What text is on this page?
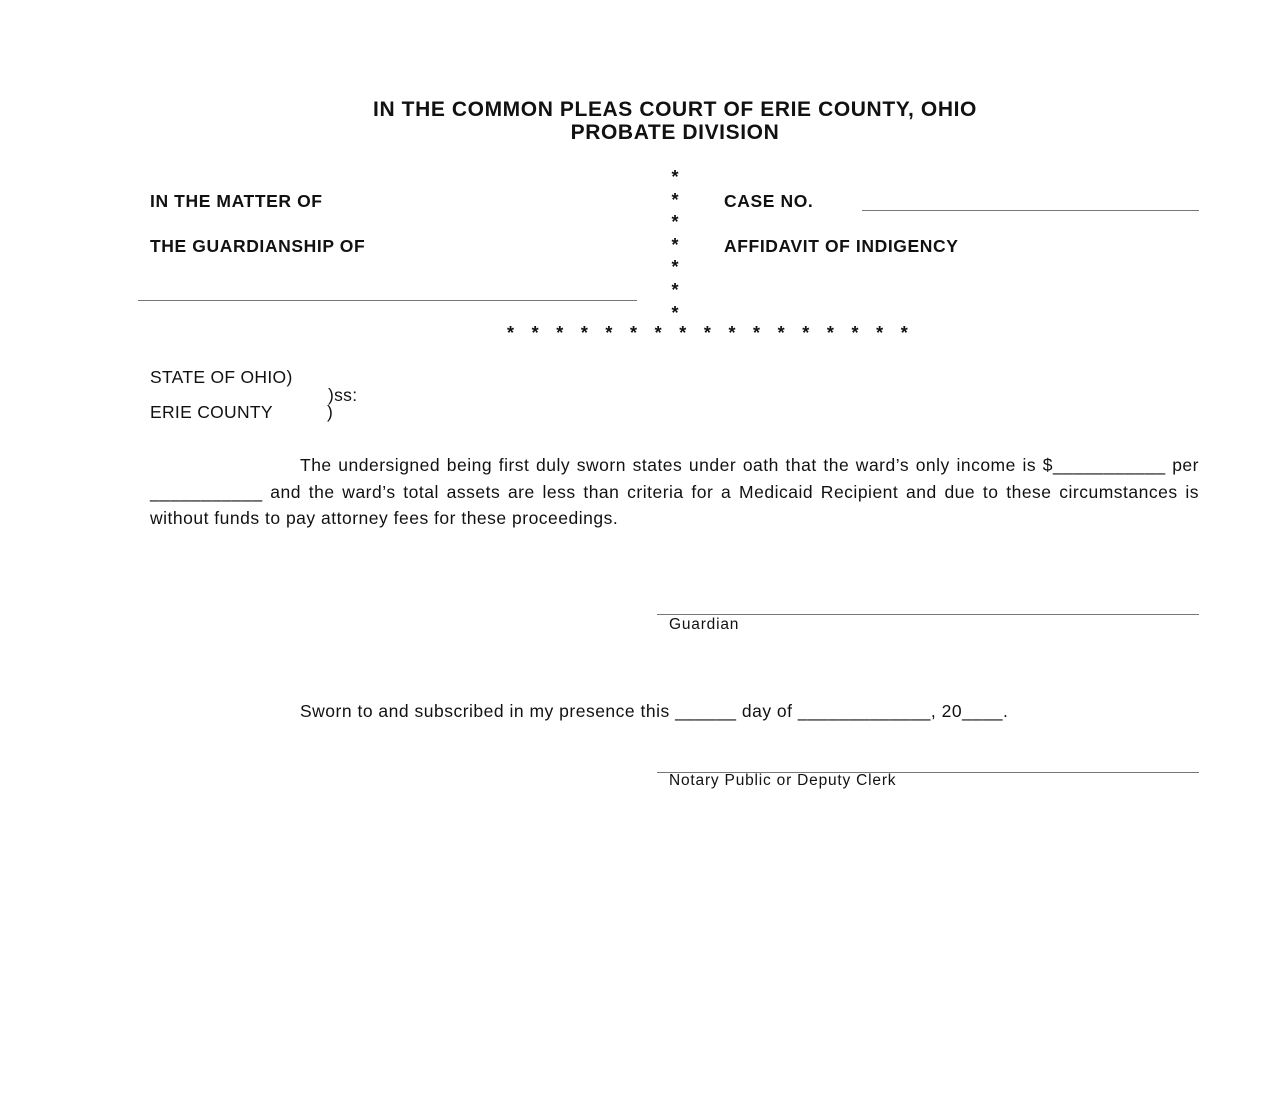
IN THE COMMON PLEAS COURT OF ERIE COUNTY, OHIO
PROBATE DIVISION
IN THE MATTER OF
THE GUARDIANSHIP OF
*
*
*
*
*
*
*
CASE NO.
AFFIDAVIT OF INDIGENCY
* * * * * * * * * * * * * * * * *
STATE OF OHIO)
)ss:
ERIE COUNTY	)
The undersigned being first duly sworn states under oath that the ward’s only income is $___________ per ___________ and the ward’s total assets are less than criteria for a Medicaid Recipient and due to these circumstances is without funds to pay attorney fees for these proceedings.
Guardian
Sworn to and subscribed in my presence this ______ day of _____________, 20____.
Notary Public or Deputy Clerk
